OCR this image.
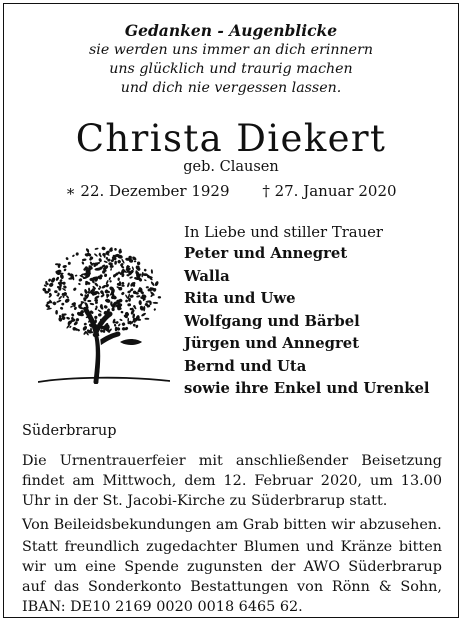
Gedanken - Augenblicke
sie werden uns immer an dich erinnern
uns glücklich und traurig machen
und dich nie vergessen lassen.
Christa Diekert
geb. Clausen
∗ 22. Dezember 1929 † 27. Januar 2020
In Liebe und stiller Trauer
Peter und Annegret
Walla
Rita und Uwe
Wolfgang und Bärbel
Jürgen und Annegret
Bernd und Uta
sowie ihre Enkel und Urenkel
Süderbrarup
Die Urnentrauerfeier mit anschließender Beisetzung findet am Mittwoch, dem 12. Februar 2020, um 13.00 Uhr in der St. Jacobi-Kirche zu Süderbrarup statt.
Von Beileidsbekundungen am Grab bitten wir abzusehen.
Statt freundlich zugedachter Blumen und Kränze bitten wir um eine Spende zugunsten der AWO Süderbrarup auf das Sonderkonto Bestattungen von Rönn & Sohn, IBAN: DE10 2169 0020 0018 6465 62.
